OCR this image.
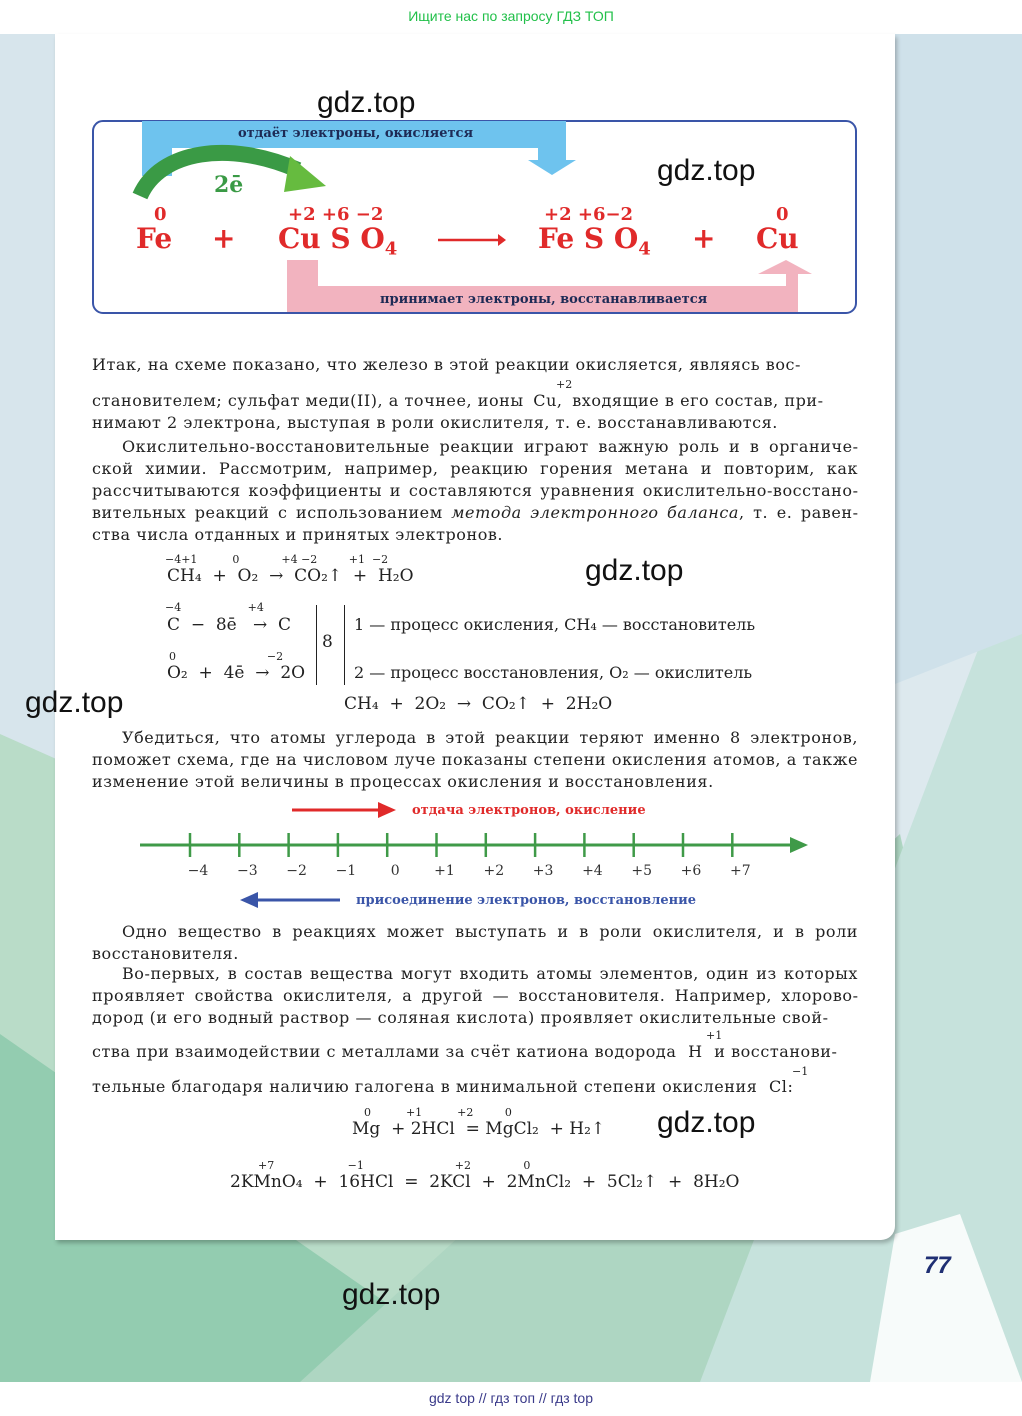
Ищите нас по запросу ГДЗ ТОП
отдаёт электроны, окисляется
принимает электроны, восстанавливается
2ē
0
Fe +
+2 +6 −2
Cu S $O_4$
+2 +6−2
Fe S $O_4$ +
0
Cu
Итак, на схеме показано, что железо в этой реакции окисляется, являясь вос-
+2
становителем; сульфат меди(II), а точнее, ионы Cu, входящие в его состав, при-
нимают 2 электрона, выступая в роли окислителя, т. е. восстанавливаются.
Окислительно-восстановительные реакции играют важную роль и в органической химии. Рассмотрим, например, реакцию горения метана и повторим, как рассчитываются коэффициенты и составляются уравнения окислительно-восстановительных реакций с использованием метода электронного баланса, т. е. равенства числа отданных и принятых электронов.
−4+1          0            +4 −2         +1  −2
CH₄  +  O₂  →  CO₂↑  +  H₂O
−4                   +4
C  −  8ē   →  C
0                          −2
O₂  +  4ē  →  2O
8
1 — процесс окисления, CH₄ — восстановитель
2 — процесс восстановления, O₂ — окислитель
CH₄  +  2O₂  →  CO₂↑  +  2H₂O
Убедиться, что атомы углерода в этой реакции теряют именно 8 электронов, поможет схема, где на числовом луче показаны степени окисления атомов, а также изменение этой величины в процессах окисления и восстановления.
отдача электронов, окисление
−4	−3	−2	−1	0	+1	+2	+3	+4	+5	+6	+7
присоединение электронов, восстановление
Одно вещество в реакциях может выступать и в роли окислителя, и в роли восстановителя.
Во-первых, в состав вещества могут входить атомы элементов, один из которых проявляет свойства окислителя, а другой — восстановителя. Например, хлороводород (и его водный раствор — соляная кислота) проявляет окислительные свой-
+1
ства при взаимодействии с металлами за счёт катиона водорода H и восстанови-
−1
тельные благодаря наличию галогена в минимальной степени окисления Cl:
0          +1          +2         0
Mg  + 2HCl  = MgCl₂  + H₂↑
+7                     −1                          +2               0
2KMnO₄  +  16HCl  =  2KCl  +  2MnCl₂  +  5Cl₂↑  +  8H₂O
gdz.top
gdz.top
gdz.top
gdz.top
gdz.top
gdz.top
77
gdz top // гдз топ // гдз top
